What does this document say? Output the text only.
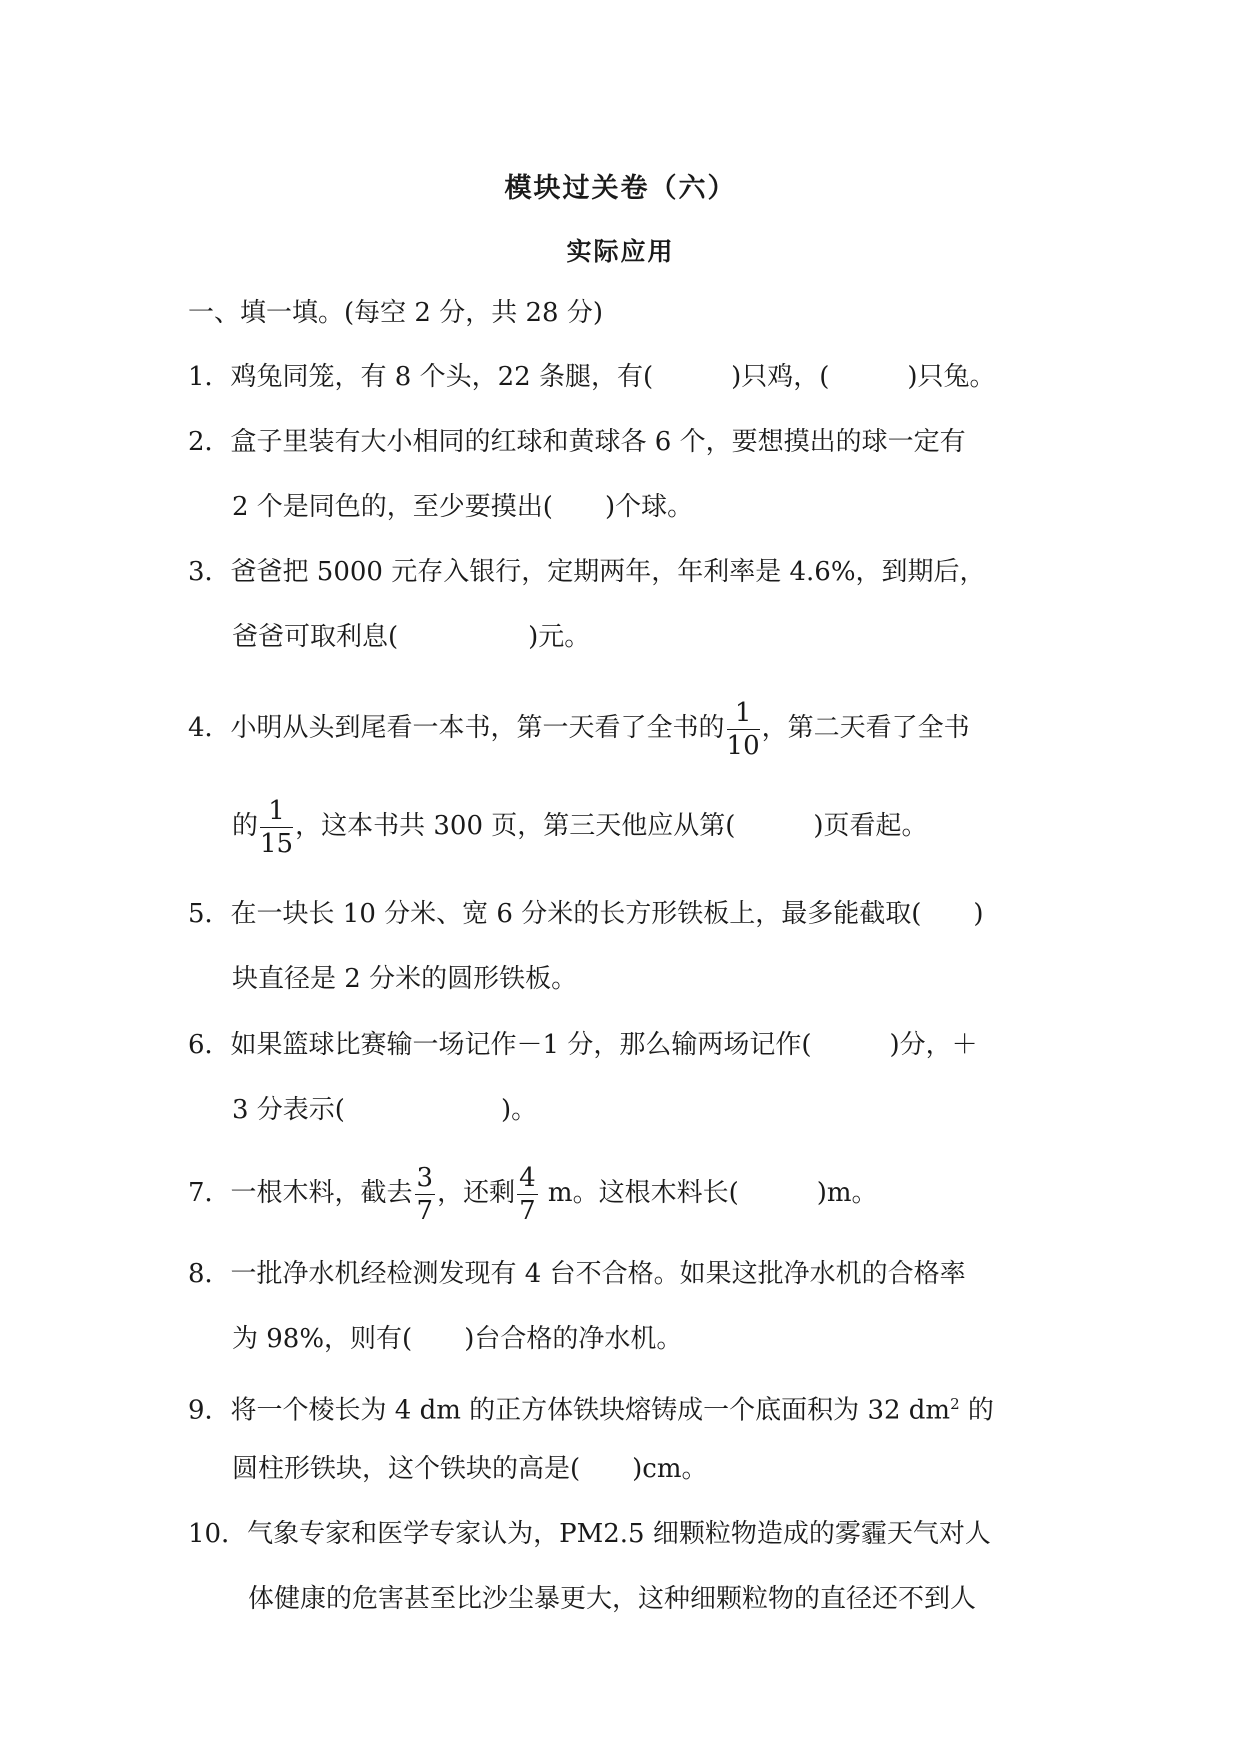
模块过关卷（六）
实际应用
一、填一填。(每空 2 分，共 28 分)
1．鸡兔同笼，有 8 个头，22 条腿，有(　　　)只鸡，(　　　)只兔。
2．盒子里装有大小相同的红球和黄球各 6 个，要想摸出的球一定有
2 个是同色的，至少要摸出(　　)个球。
3．爸爸把 5000 元存入银行，定期两年，年利率是 4.6%，到期后，
爸爸可取利息(　　　　　)元。
4．小明从头到尾看一本书，第一天看了全书的 $\frac{1}{10}$ ，第二天看了全书
的 $\frac{1}{15}$ ，这本书共 300 页，第三天他应从第(　　　)页看起。
5．在一块长 10 分米、宽 6 分米的长方形铁板上，最多能截取(　　)
块直径是 2 分米的圆形铁板。
6．如果篮球比赛输一场记作－1 分，那么输两场记作(　　　)分，＋
3 分表示(　　　　　　)。
7．一根木料，截去 $\frac{3}{7}$ ，还剩 $\frac{4}{7}$ m。这根木料长(　　　)m。
8．一批净水机经检测发现有 4 台不合格。如果这批净水机的合格率
为 98%，则有(　　)台合格的净水机。
9．将一个棱长为 4 dm 的正方体铁块熔铸成一个底面积为 32 $dm^2$ 的
圆柱形铁块，这个铁块的高是(　　)cm。
10．气象专家和医学专家认为，PM2.5 细颗粒物造成的雾霾天气对人
体健康的危害甚至比沙尘暴更大，这种细颗粒物的直径还不到人
